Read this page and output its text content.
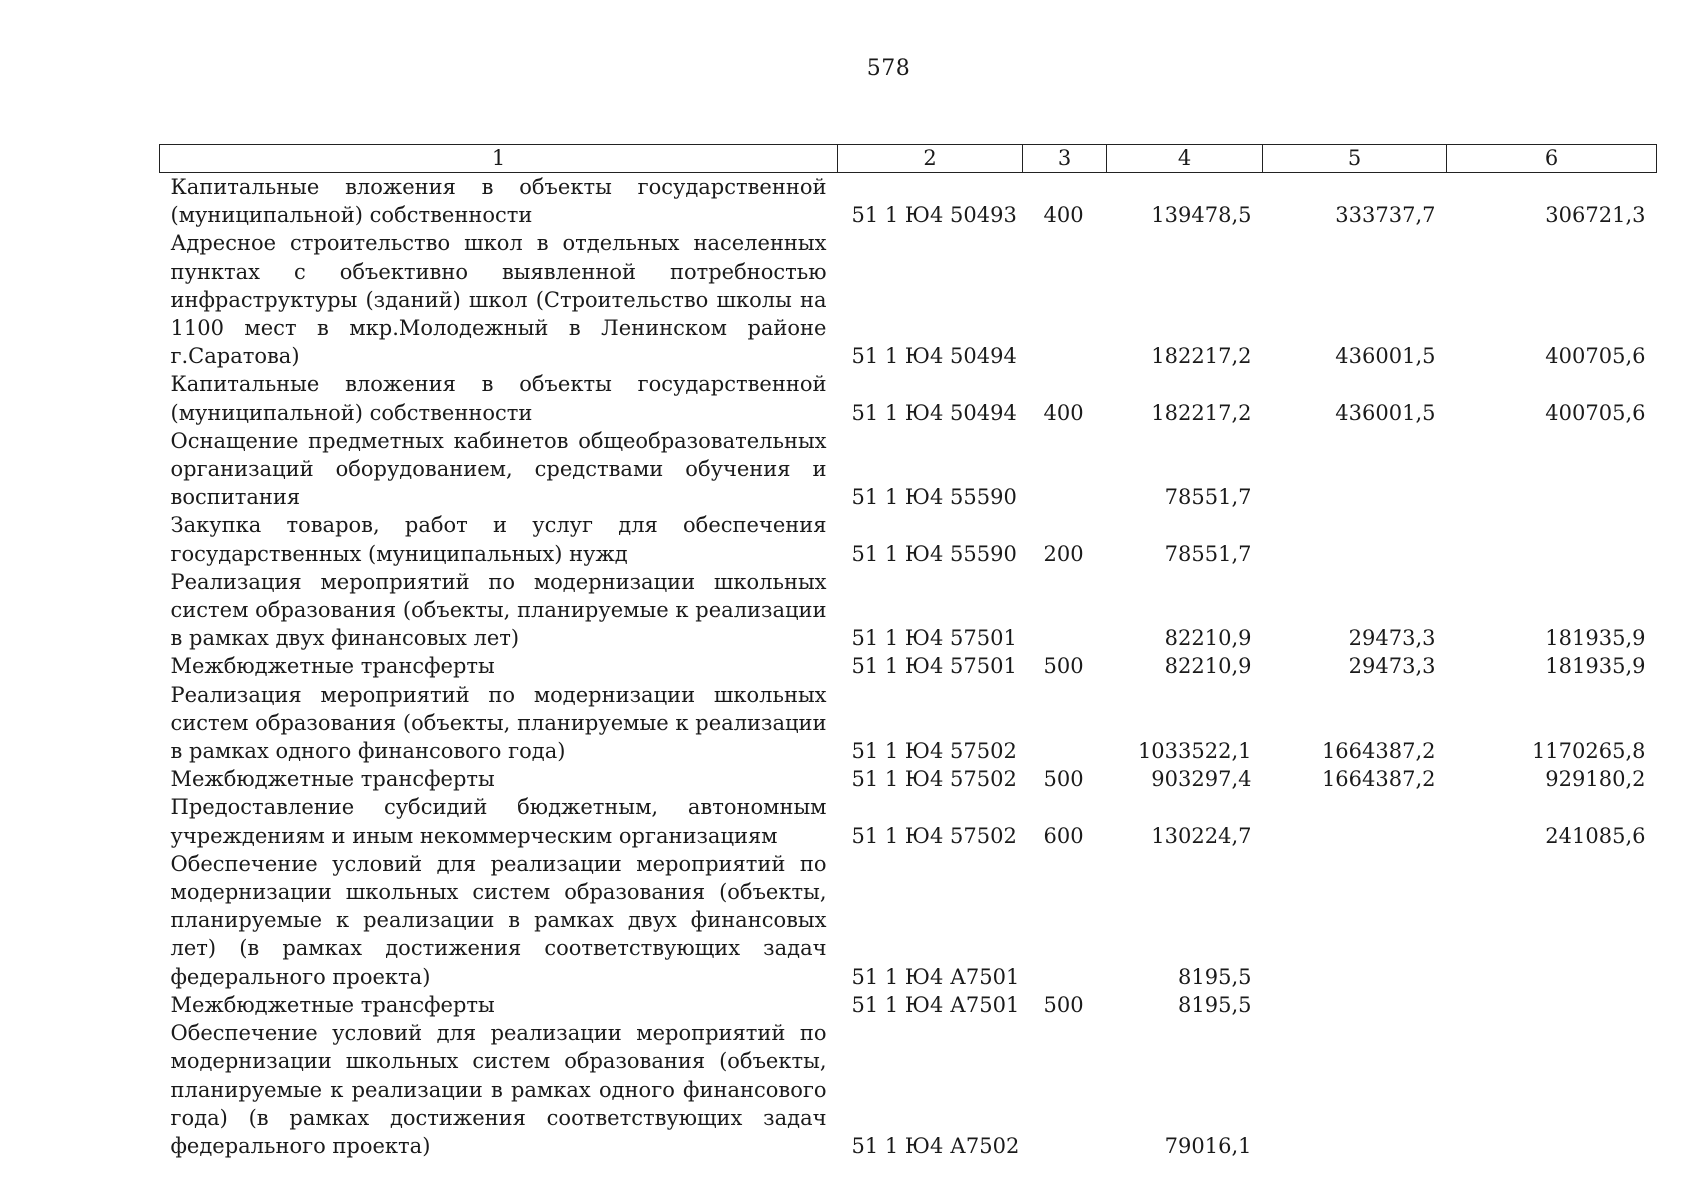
578
1	2	3	4	5	6
Капитальные вложения в объекты государственной (муниципальной) собственности	51 1 Ю4 50493	400	139478,5	333737,7	306721,3
Адресное строительство школ в отдельных населенных пунктах с объективно выявленной потребностью инфраструктуры (зданий) школ (Строительство школы на 1100 мест в мкр.Молодежный в Ленинском районе г.Саратова)	51 1 Ю4 50494		182217,2	436001,5	400705,6
Капитальные вложения в объекты государственной (муниципальной) собственности	51 1 Ю4 50494	400	182217,2	436001,5	400705,6
Оснащение предметных кабинетов общеобразовательных организаций оборудованием, средствами обучения и воспитания	51 1 Ю4 55590		78551,7		
Закупка товаров, работ и услуг для обеспечения государственных (муниципальных) нужд	51 1 Ю4 55590	200	78551,7		
Реализация мероприятий по модернизации школьных систем образования (объекты, планируемые к реализации в рамках двух финансовых лет)	51 1 Ю4 57501		82210,9	29473,3	181935,9
Межбюджетные трансферты	51 1 Ю4 57501	500	82210,9	29473,3	181935,9
Реализация мероприятий по модернизации школьных систем образования (объекты, планируемые к реализации в рамках одного финансового года)	51 1 Ю4 57502		1033522,1	1664387,2	1170265,8
Межбюджетные трансферты	51 1 Ю4 57502	500	903297,4	1664387,2	929180,2
Предоставление субсидий бюджетным, автономным учреждениям и иным некоммерческим организациям	51 1 Ю4 57502	600	130224,7		241085,6
Обеспечение условий для реализации мероприятий по модернизации школьных систем образования (объекты, планируемые к реализации в рамках двух финансовых лет) (в рамках достижения соответствующих задач федерального проекта)	51 1 Ю4 А7501		8195,5		
Межбюджетные трансферты	51 1 Ю4 А7501	500	8195,5		
Обеспечение условий для реализации мероприятий по модернизации школьных систем образования (объекты, планируемые к реализации в рамках одного финансового года) (в рамках достижения соответствующих задач федерального проекта)	51 1 Ю4 А7502		79016,1		
